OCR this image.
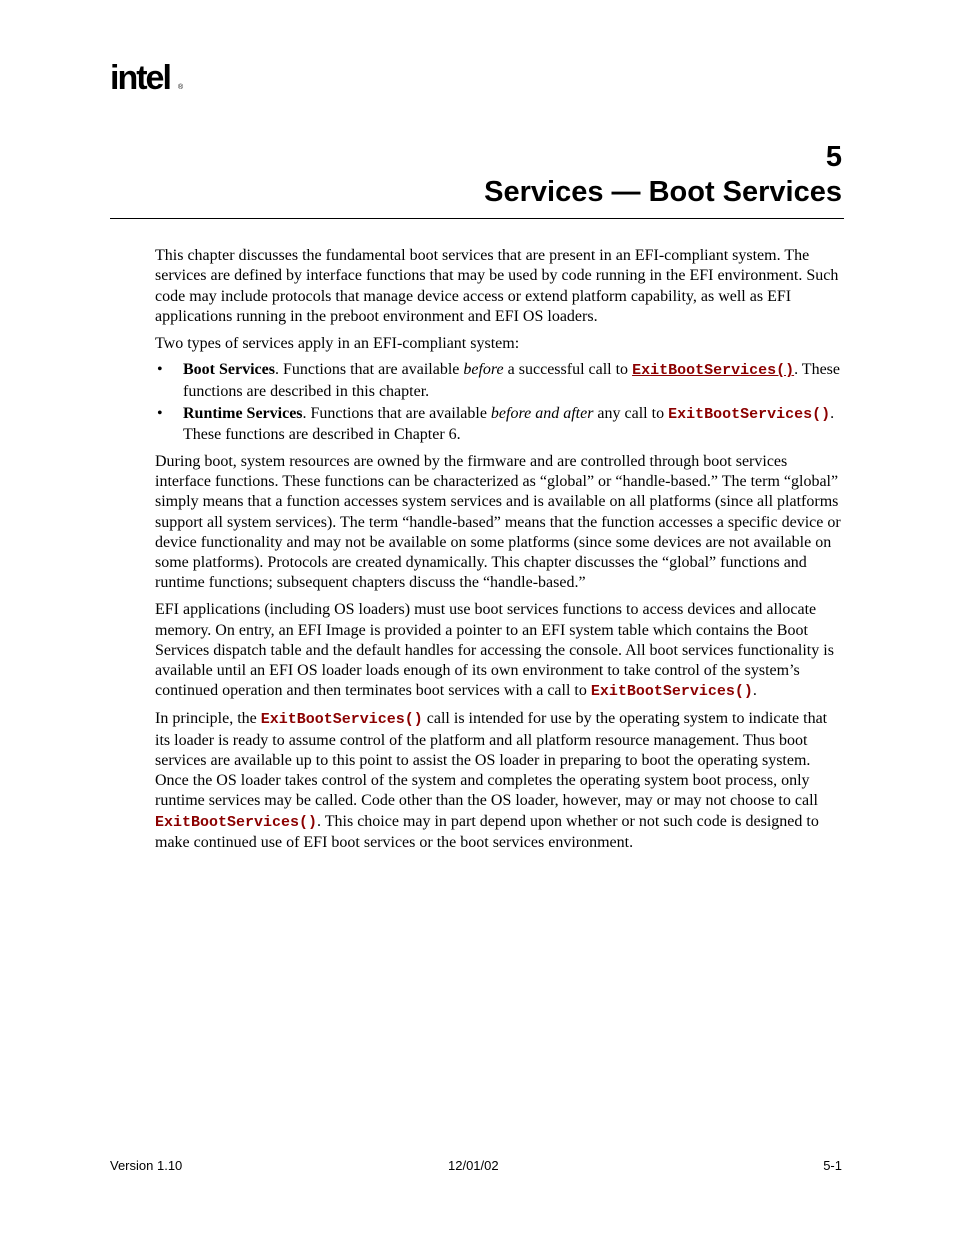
intel ®
5
Services — Boot Services

This chapter discusses the fundamental boot services that are present in an EFI-compliant system. The services are defined by interface functions that may be used by code running in the EFI environment. Such code may include protocols that manage device access or extend platform capability, as well as EFI applications running in the preboot environment and EFI OS loaders.

Two types of services apply in an EFI-compliant system:

• Boot Services. Functions that are available before a successful call to ExitBootServices(). These functions are described in this chapter.
• Runtime Services. Functions that are available before and after any call to ExitBootServices(). These functions are described in Chapter 6.

During boot, system resources are owned by the firmware and are controlled through boot services interface functions. These functions can be characterized as “global” or “handle-based.” The term “global” simply means that a function accesses system services and is available on all platforms (since all platforms support all system services). The term “handle-based” means that the function accesses a specific device or device functionality and may not be available on some platforms (since some devices are not available on some platforms). Protocols are created dynamically. This chapter discusses the “global” functions and runtime functions; subsequent chapters discuss the “handle-based.”

EFI applications (including OS loaders) must use boot services functions to access devices and allocate memory. On entry, an EFI Image is provided a pointer to an EFI system table which contains the Boot Services dispatch table and the default handles for accessing the console. All boot services functionality is available until an EFI OS loader loads enough of its own environment to take control of the system’s continued operation and then terminates boot services with a call to ExitBootServices().

In principle, the ExitBootServices() call is intended for use by the operating system to indicate that its loader is ready to assume control of the platform and all platform resource management. Thus boot services are available up to this point to assist the OS loader in preparing to boot the operating system. Once the OS loader takes control of the system and completes the operating system boot process, only runtime services may be called. Code other than the OS loader, however, may or may not choose to call ExitBootServices(). This choice may in part depend upon whether or not such code is designed to make continued use of EFI boot services or the boot services environment.

Version 1.10	12/01/02	5-1
